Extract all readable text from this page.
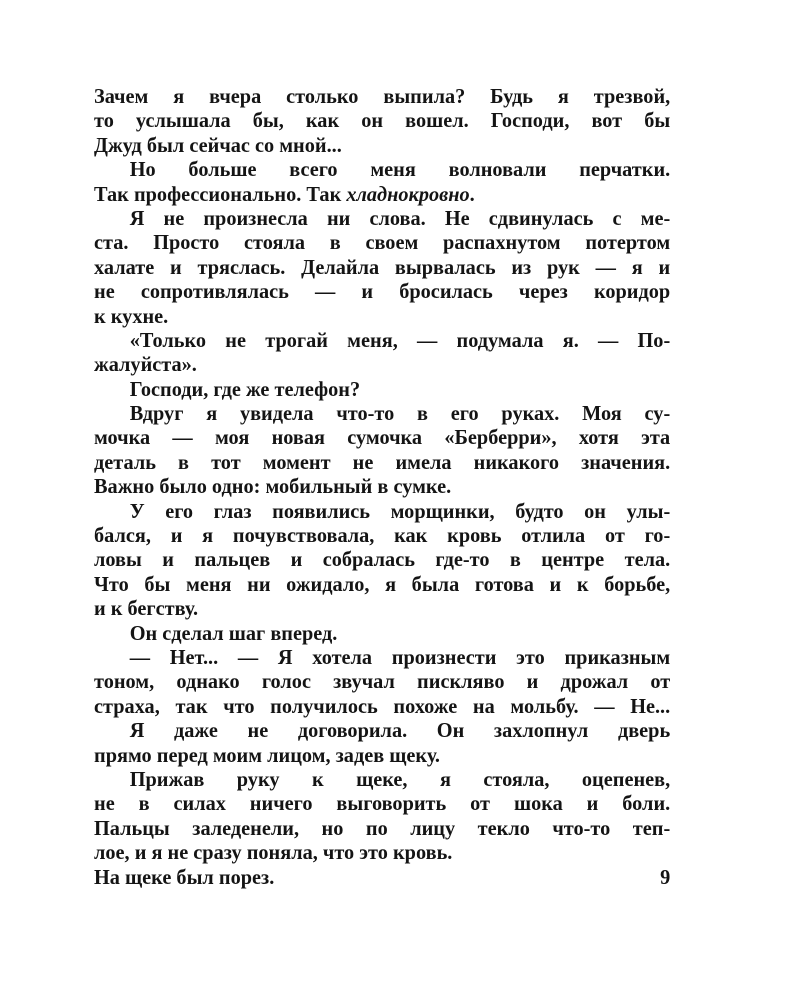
Зачем я вчера столько выпила? Будь я трезвой,
то услышала бы, как он вошел. Господи, вот бы
Джуд был сейчас со мной...
Но больше всего меня волновали перчатки.
Так профессионально. Так хладнокровно.
Я не произнесла ни слова. Не сдвинулась с ме-
ста. Просто стояла в своем распахнутом потертом
халате и тряслась. Делайла вырвалась из рук — я и
не сопротивлялась — и бросилась через коридор
к кухне.
«Только не трогай меня, — подумала я. — По-
жалуйста».
Господи, где же телефон?
Вдруг я увидела что-то в его руках. Моя су-
мочка — моя новая сумочка «Берберри», хотя эта
деталь в тот момент не имела никакого значения.
Важно было одно: мобильный в сумке.
У его глаз появились морщинки, будто он улы-
бался, и я почувствовала, как кровь отлила от го-
ловы и пальцев и собралась где-то в центре тела.
Что бы меня ни ожидало, я была готова и к борьбе,
и к бегству.
Он сделал шаг вперед.
— Нет... — Я хотела произнести это приказным
тоном, однако голос звучал пискляво и дрожал от
страха, так что получилось похоже на мольбу. — Не...
Я даже не договорила. Он захлопнул дверь
прямо перед моим лицом, задев щеку.
Прижав руку к щеке, я стояла, оцепенев,
не в силах ничего выговорить от шока и боли.
Пальцы заледенели, но по лицу текло что-то теп-
лое, и я не сразу поняла, что это кровь.
На щеке был порез.	9
